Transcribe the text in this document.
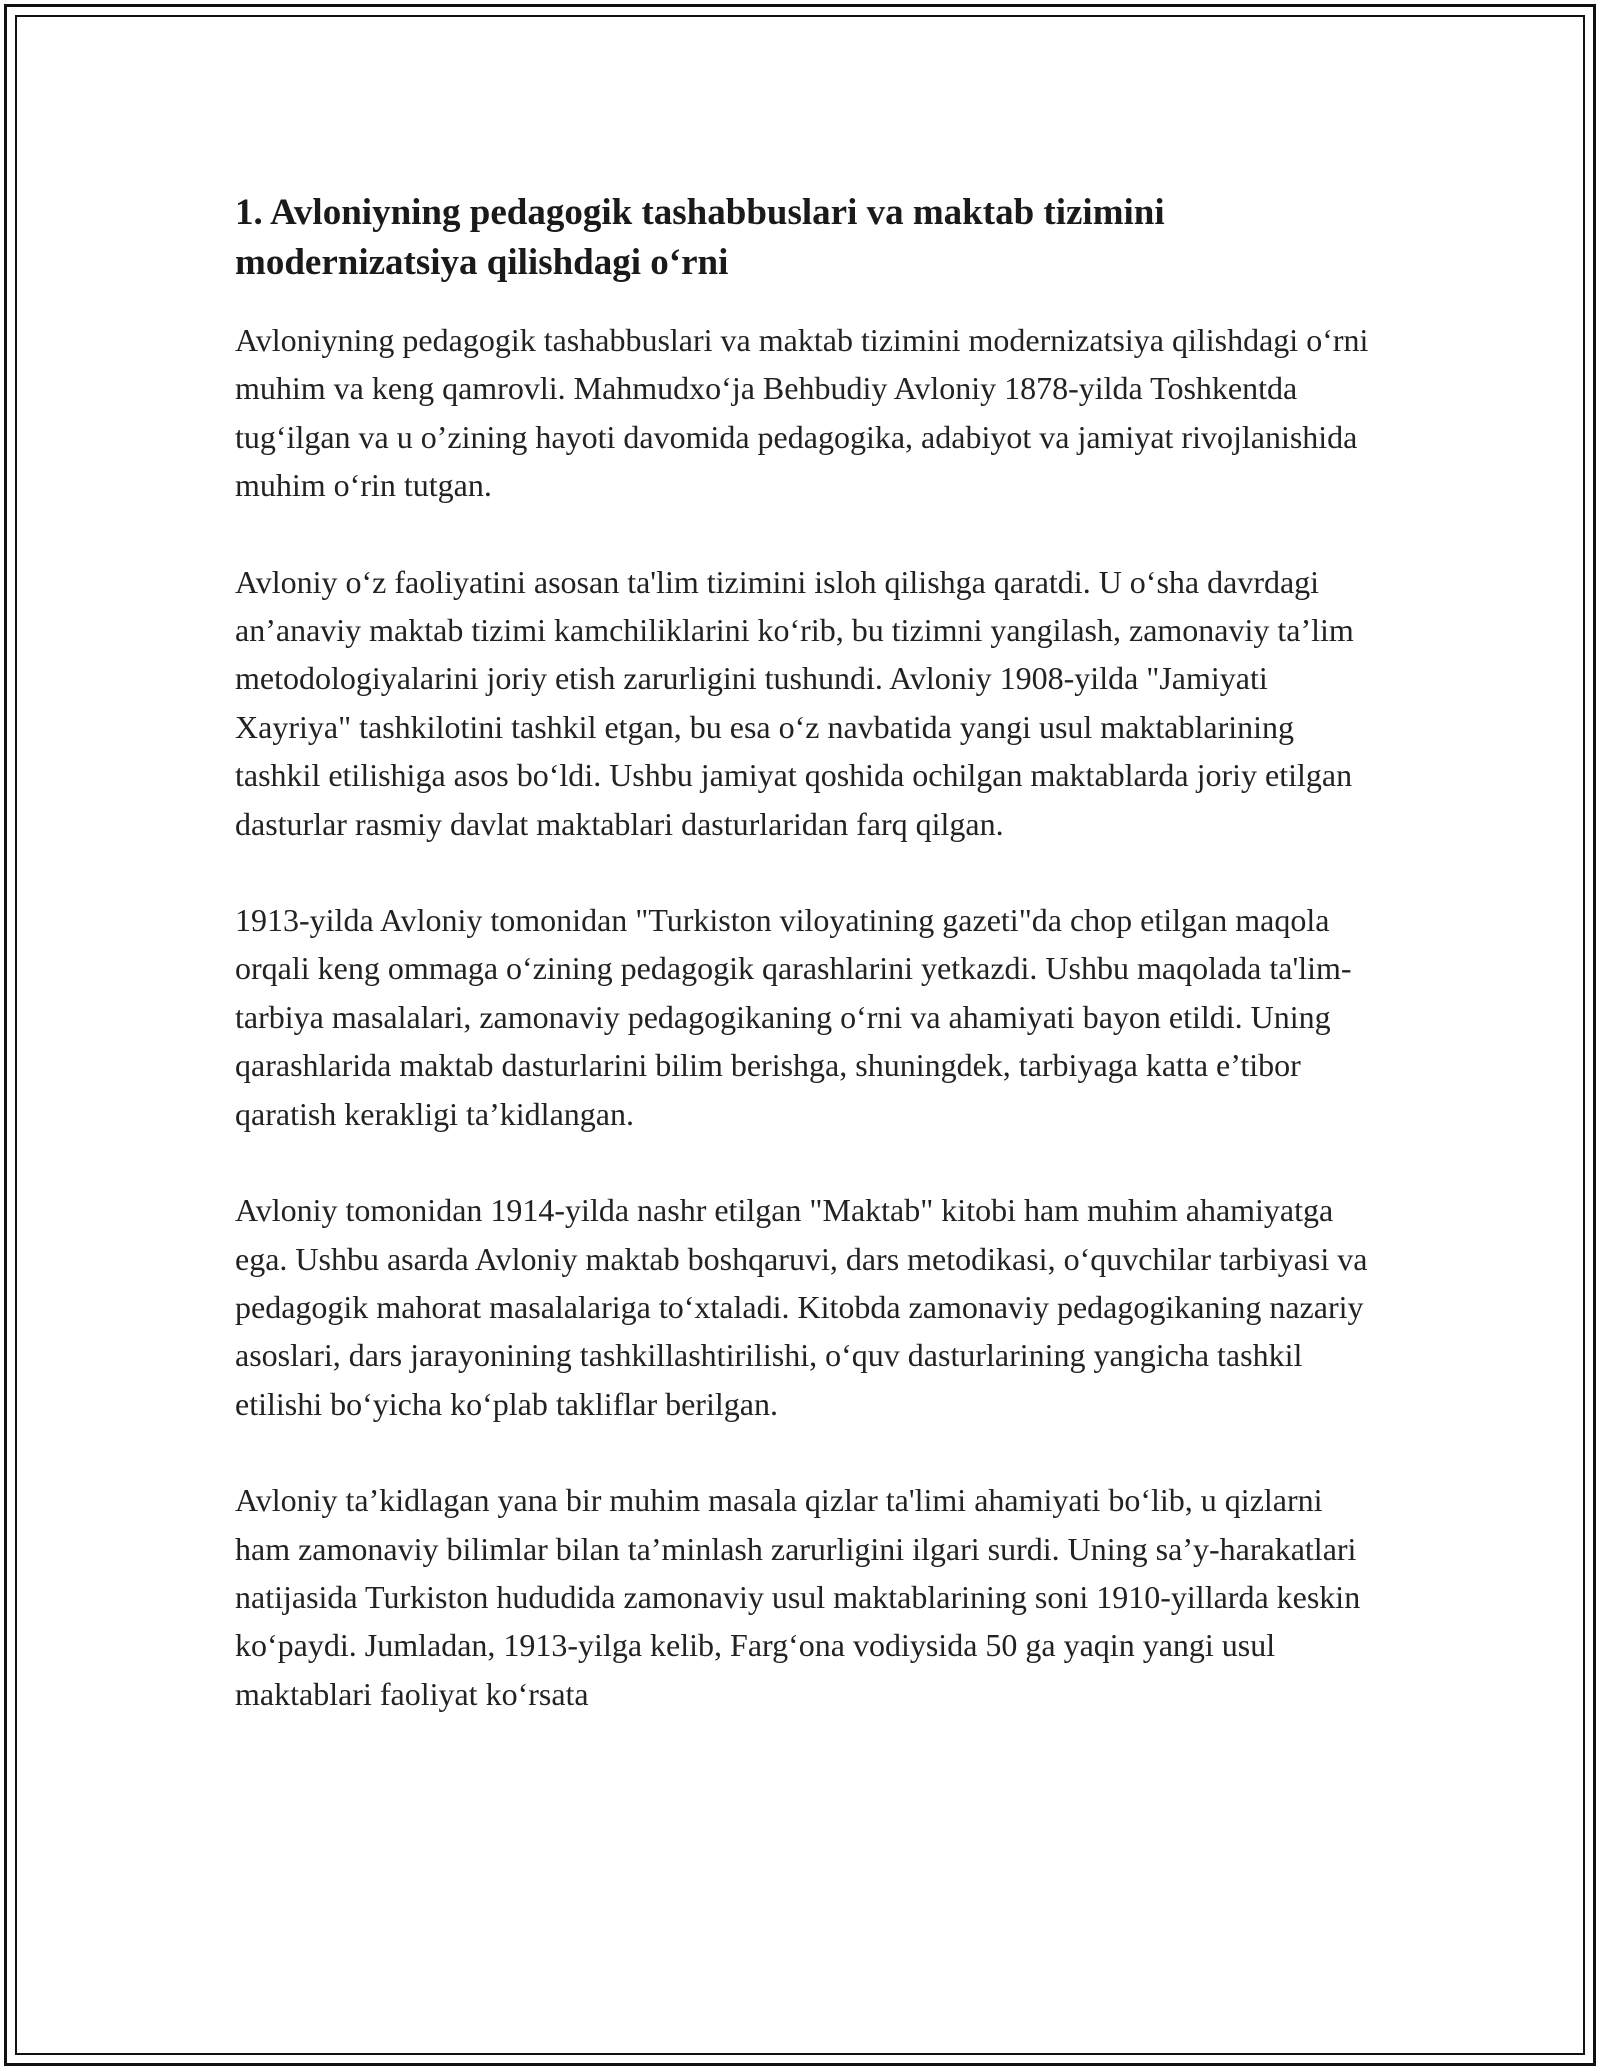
1. Avloniyning pedagogik tashabbuslari va maktab tizimini modernizatsiya qilishdagi o‘rni

Avloniyning pedagogik tashabbuslari va maktab tizimini modernizatsiya qilishdagi o‘rni muhim va keng qamrovli. Mahmudxo‘ja Behbudiy Avloniy 1878-yilda Toshkentda tug‘ilgan va u o’zining hayoti davomida pedagogika, adabiyot va jamiyat rivojlanishida muhim o‘rin tutgan.

Avloniy o‘z faoliyatini asosan ta'lim tizimini isloh qilishga qaratdi. U o‘sha davrdagi an’anaviy maktab tizimi kamchiliklarini ko‘rib, bu tizimni yangilash, zamonaviy ta’lim metodologiyalarini joriy etish zarurligini tushundi. Avloniy 1908-yilda "Jamiyati Xayriya" tashkilotini tashkil etgan, bu esa o‘z navbatida yangi usul maktablarining tashkil etilishiga asos bo‘ldi. Ushbu jamiyat qoshida ochilgan maktablarda joriy etilgan dasturlar rasmiy davlat maktablari dasturlaridan farq qilgan.

1913-yilda Avloniy tomonidan "Turkiston viloyatining gazeti"da chop etilgan maqola orqali keng ommaga o‘zining pedagogik qarashlarini yetkazdi. Ushbu maqolada ta'lim-tarbiya masalalari, zamonaviy pedagogikaning o‘rni va ahamiyati bayon etildi. Uning qarashlarida maktab dasturlarini bilim berishga, shuningdek, tarbiyaga katta e’tibor qaratish kerakligi ta’kidlangan.

Avloniy tomonidan 1914-yilda nashr etilgan "Maktab" kitobi ham muhim ahamiyatga ega. Ushbu asarda Avloniy maktab boshqaruvi, dars metodikasi, o‘quvchilar tarbiyasi va pedagogik mahorat masalalariga to‘xtaladi. Kitobda zamonaviy pedagogikaning nazariy asoslari, dars jarayonining tashkillashtirilishi, o‘quv dasturlarining yangicha tashkil etilishi bo‘yicha ko‘plab takliflar berilgan.

Avloniy ta’kidlagan yana bir muhim masala qizlar ta'limi ahamiyati bo‘lib, u qizlarni ham zamonaviy bilimlar bilan ta’minlash zarurligini ilgari surdi. Uning sa’y-harakatlari natijasida Turkiston hududida zamonaviy usul maktablarining soni 1910-yillarda keskin ko‘paydi. Jumladan, 1913-yilga kelib, Farg‘ona vodiysida 50 ga yaqin yangi usul maktablari faoliyat ko‘rsata
